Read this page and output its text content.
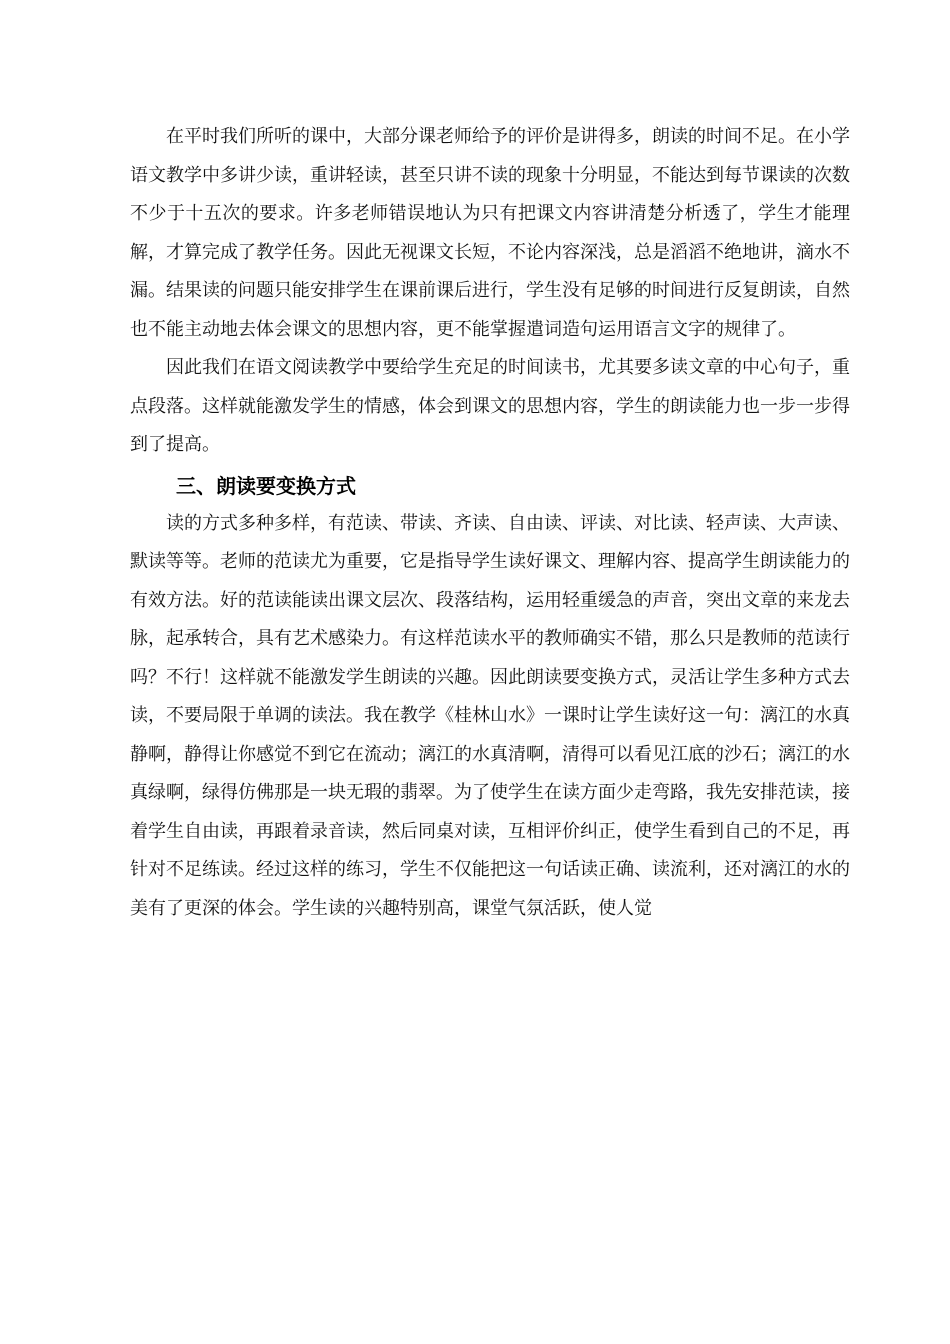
在平时我们所听的课中，大部分课老师给予的评价是讲得多，朗读的时间不足。在小学语文教学中多讲少读，重讲轻读，甚至只讲不读的现象十分明显，不能达到每节课读的次数不少于十五次的要求。许多老师错误地认为只有把课文内容讲清楚分析透了，学生才能理解，才算完成了教学任务。因此无视课文长短，不论内容深浅，总是滔滔不绝地讲，滴水不漏。结果读的问题只能安排学生在课前课后进行，学生没有足够的时间进行反复朗读，自然也不能主动地去体会课文的思想内容，更不能掌握遣词造句运用语言文字的规律了。

因此我们在语文阅读教学中要给学生充足的时间读书，尤其要多读文章的中心句子，重点段落。这样就能激发学生的情感，体会到课文的思想内容，学生的朗读能力也一步一步得到了提高。

三、朗读要变换方式

读的方式多种多样，有范读、带读、齐读、自由读、评读、对比读、轻声读、大声读、默读等等。老师的范读尤为重要，它是指导学生读好课文、理解内容、提高学生朗读能力的有效方法。好的范读能读出课文层次、段落结构，运用轻重缓急的声音，突出文章的来龙去脉，起承转合，具有艺术感染力。有这样范读水平的教师确实不错，那么只是教师的范读行吗？不行！这样就不能激发学生朗读的兴趣。因此朗读要变换方式，灵活让学生多种方式去读，不要局限于单调的读法。我在教学《桂林山水》一课时让学生读好这一句：漓江的水真静啊，静得让你感觉不到它在流动；漓江的水真清啊，清得可以看见江底的沙石；漓江的水真绿啊，绿得仿佛那是一块无瑕的翡翠。为了使学生在读方面少走弯路，我先安排范读，接着学生自由读，再跟着录音读，然后同桌对读，互相评价纠正，使学生看到自己的不足，再针对不足练读。经过这样的练习，学生不仅能把这一句话读正确、读流利，还对漓江的水的美有了更深的体会。学生读的兴趣特别高，课堂气氛活跃，使人觉
